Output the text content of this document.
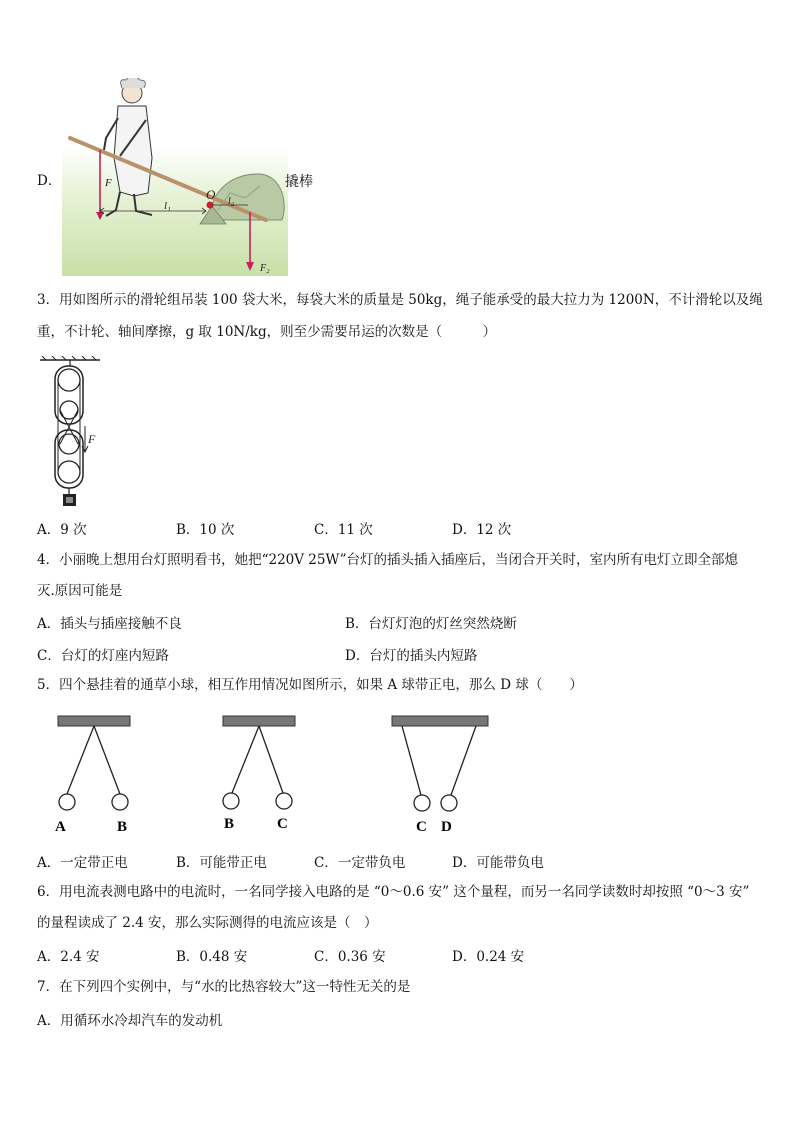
D．
O
F
F₂
l₁	l₂
撬棒
3．用如图所示的滑轮组吊装 100 袋大米，每袋大米的质量是 50kg，绳子能承受的最大拉力为 1200N，不计滑轮以及绳
重，不计轮、轴间摩擦，g 取 10N/kg，则至少需要吊运的次数是（　　　）
F
A．9 次	B．10 次	C．11 次	D．12 次
4．小丽晚上想用台灯照明看书，她把“220V 25W”台灯的插头插入插座后，当闭合开关时，室内所有电灯立即全部熄
灭.原因可能是
A．插头与插座接触不良	B．台灯灯泡的灯丝突然烧断
C．台灯的灯座内短路	D．台灯的插头内短路
5．四个悬挂着的通草小球，相互作用情况如图所示，如果 A 球带正电，那么 D 球（　　）
A	B	B	C	C D
A．一定带正电	B．可能带正电	C．一定带负电	D．可能带负电
6．用电流表测电路中的电流时，一名同学接入电路的是 “0～0.6 安” 这个量程，而另一名同学读数时却按照 “0～3 安”
的量程读成了 2.4 安，那么实际测得的电流应该是（　）
A．2.4 安	B．0.48 安	C．0.36 安	D．0.24 安
7．在下列四个实例中，与“水的比热容较大”这一特性无关的是
A．用循环水冷却汽车的发动机
